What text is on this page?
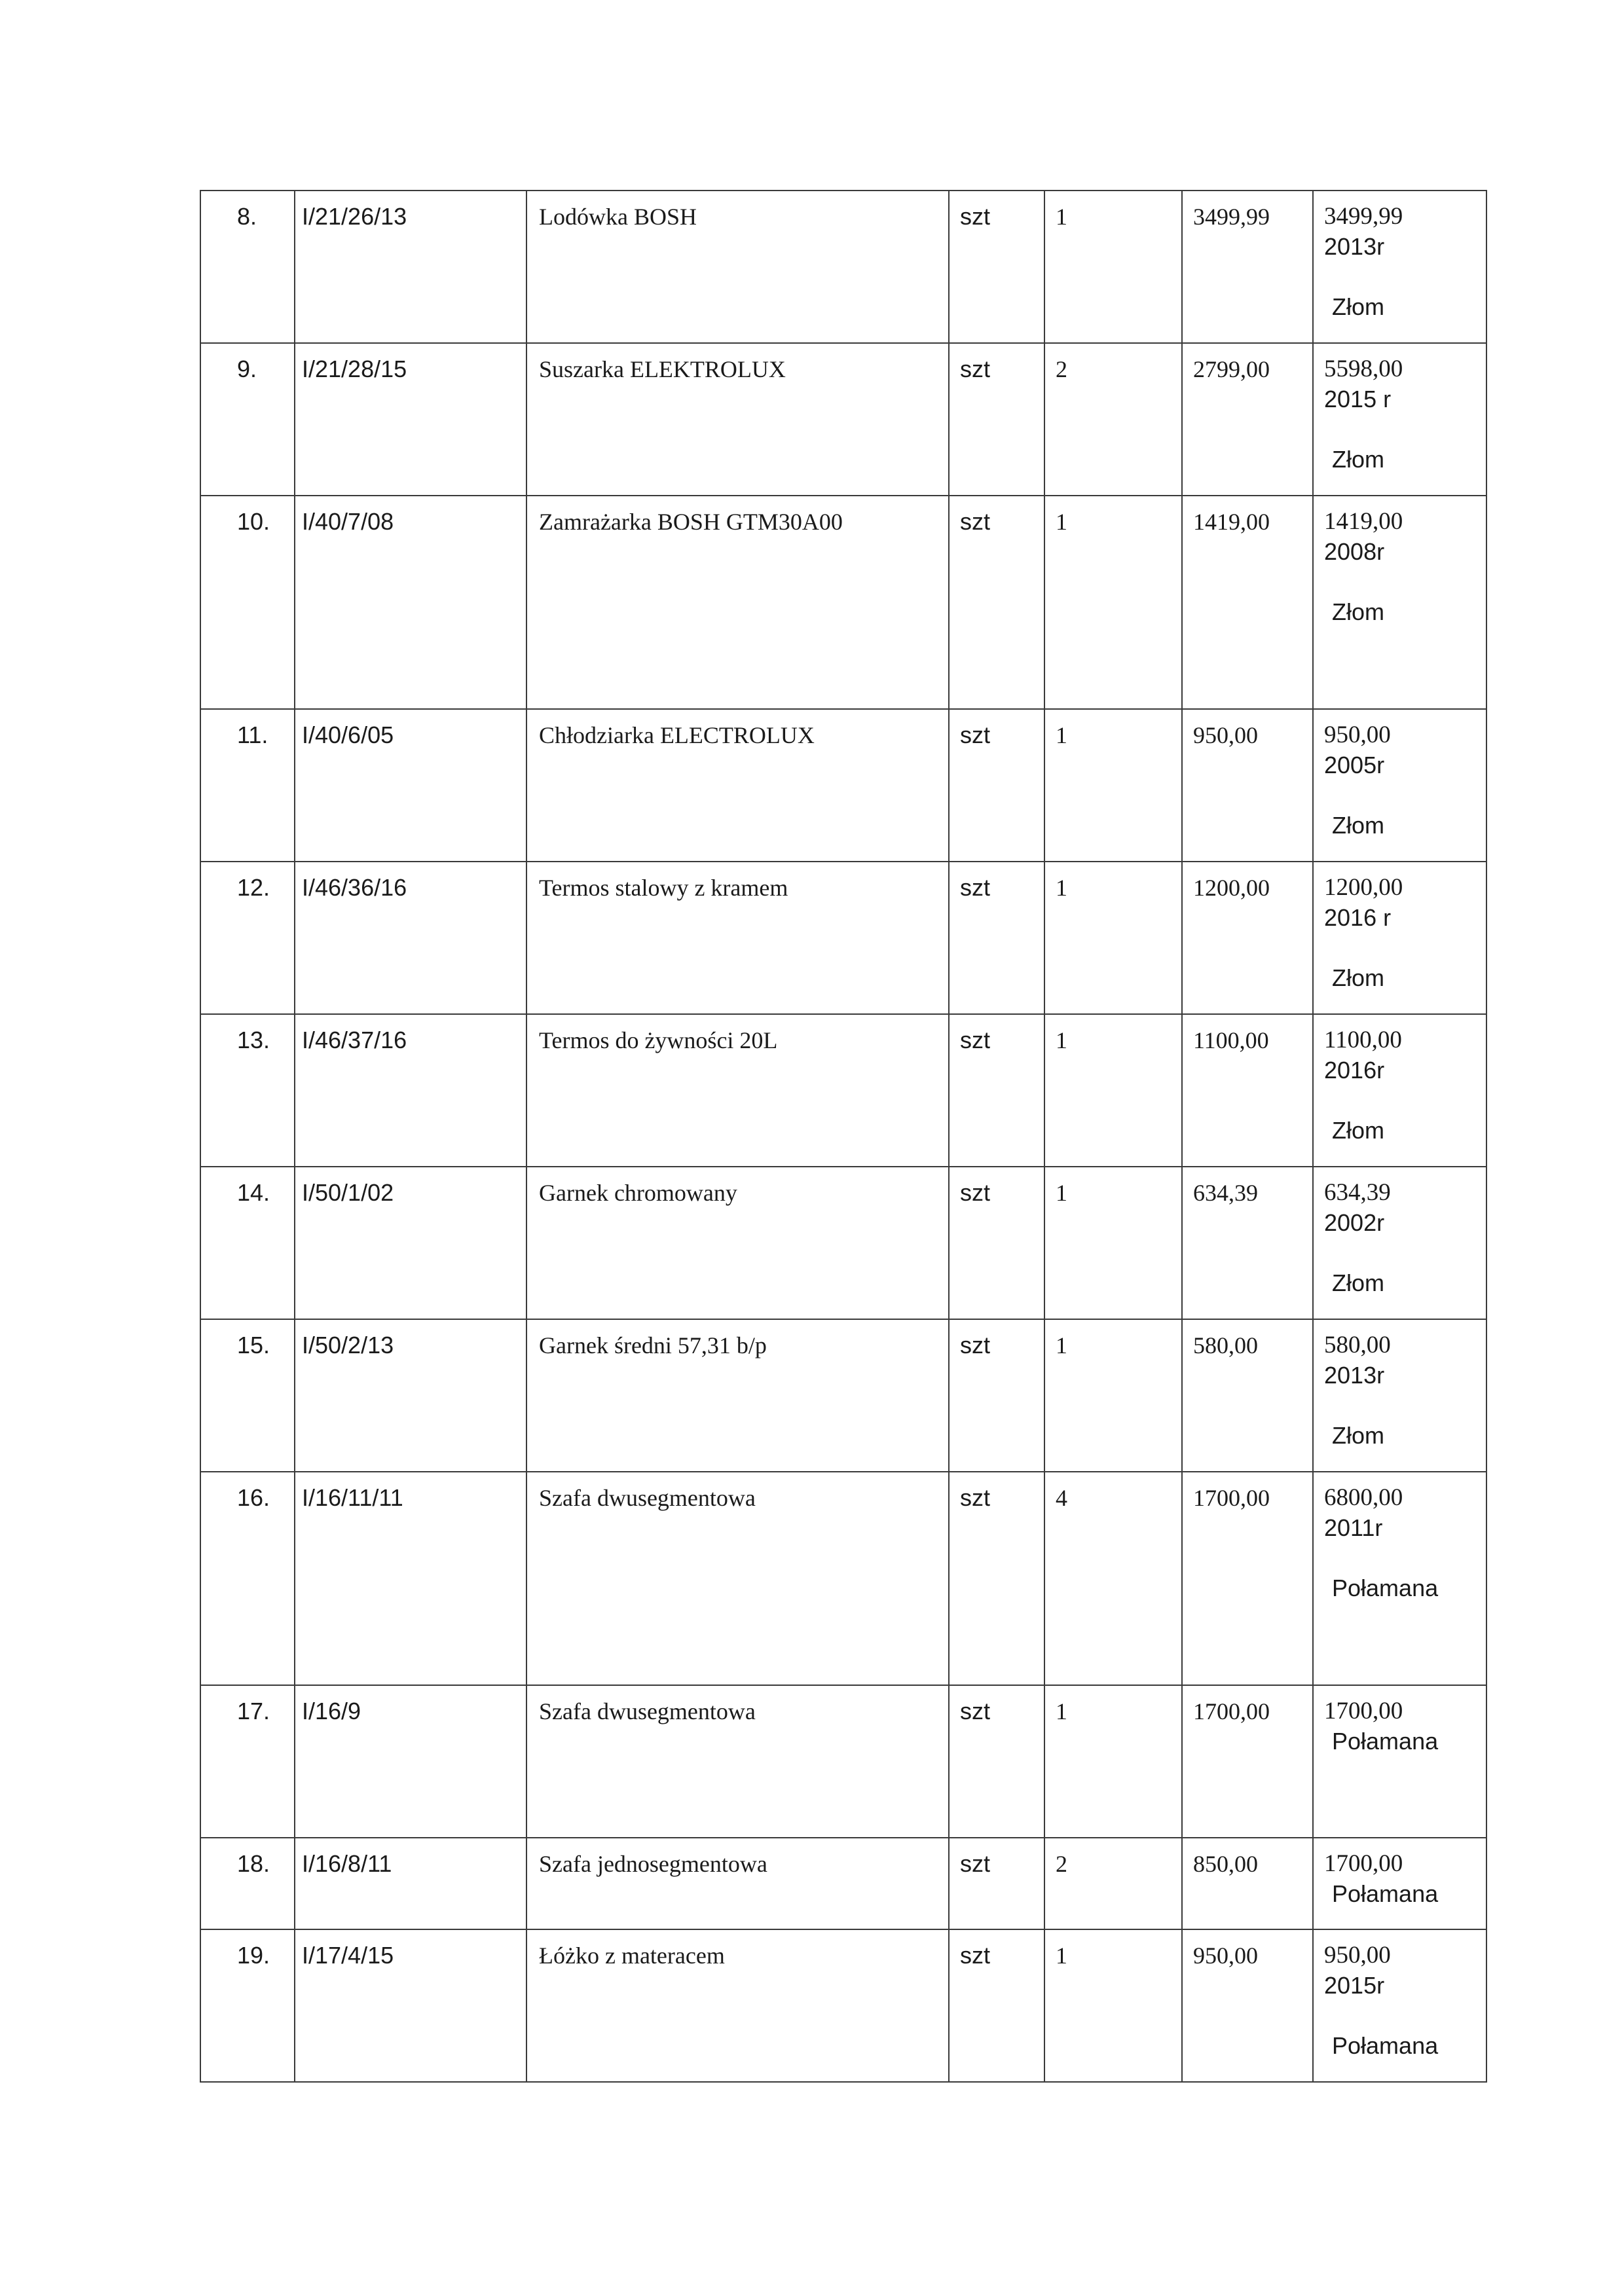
8.	I/21/26/13	Lodówka BOSH	szt	1	3499,99	3499,99
2013r
Złom

9.	I/21/28/15	Suszarka ELEKTROLUX	szt	2	2799,00	5598,00
2015 r
Złom

10.	I/40/7/08	Zamrażarka BOSH GTM30A00	szt	1	1419,00	1419,00
2008r
Złom

11.	I/40/6/05	Chłodziarka ELECTROLUX	szt	1	950,00	950,00
2005r
Złom

12.	I/46/36/16	Termos stalowy z kramem	szt	1	1200,00	1200,00
2016 r
Złom

13.	I/46/37/16	Termos do żywności 20L	szt	1	1100,00	1100,00
2016r
Złom

14.	I/50/1/02	Garnek chromowany	szt	1	634,39	634,39
2002r
Złom

15.	I/50/2/13	Garnek średni 57,31 b/p	szt	1	580,00	580,00
2013r
Złom

16.	I/16/11/11	Szafa dwusegmentowa	szt	4	1700,00	6800,00
2011r
Połamana

17.	I/16/9	Szafa dwusegmentowa	szt	1	1700,00	1700,00
Połamana

18.	I/16/8/11	Szafa jednosegmentowa	szt	2	850,00	1700,00
Połamana

19.	I/17/4/15	Łóżko z materacem	szt	1	950,00	950,00
2015r
Połamana
